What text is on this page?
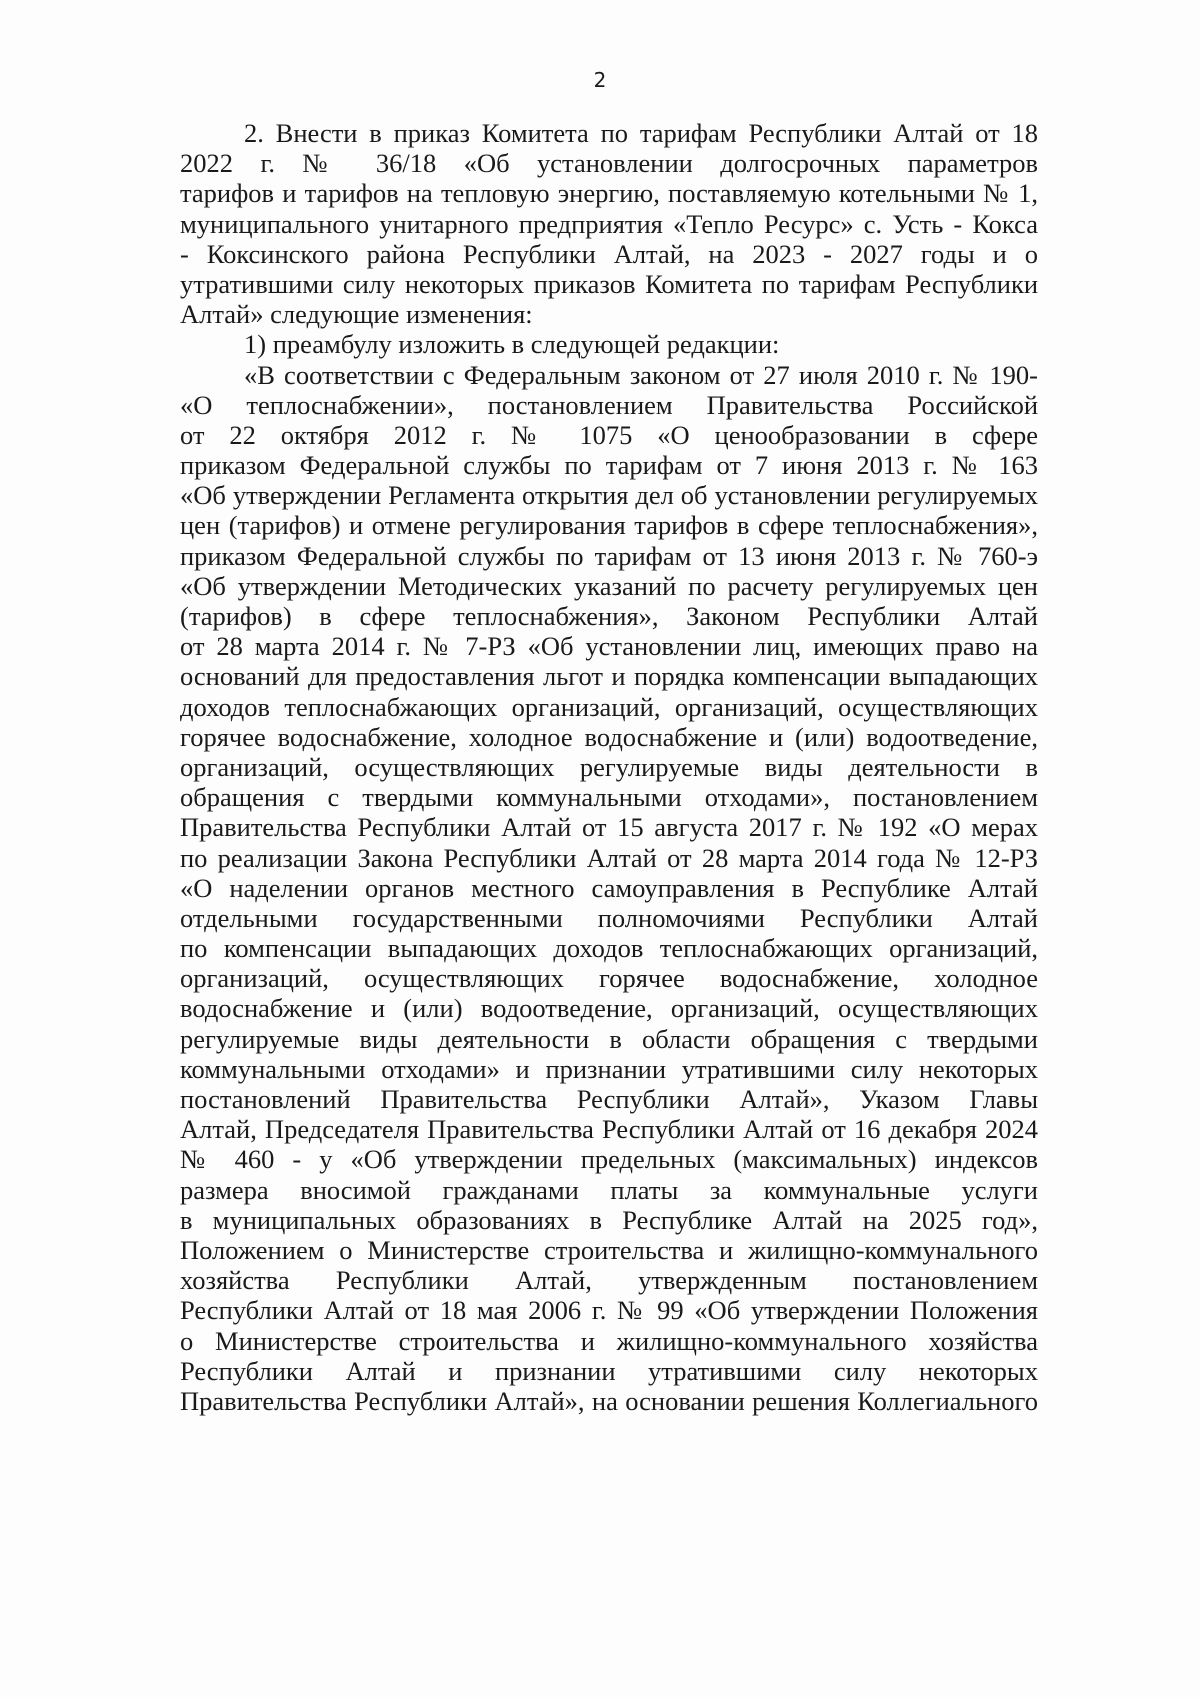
2
2. Внести в приказ Комитета по тарифам Республики Алтай от 18
2022 г. № 36/18 «Об установлении долгосрочных параметров
тарифов и тарифов на тепловую энергию, поставляемую котельными № 1,
муниципального унитарного предприятия «Тепло Ресурс» с. Усть - Кокса
- Коксинского района Республики Алтай, на 2023 - 2027 годы и о
утратившими силу некоторых приказов Комитета по тарифам Республики
Алтай» следующие изменения:
1) преамбулу изложить в следующей редакции:
«В соответствии с Федеральным законом от 27 июля 2010 г. № 190-
«О теплоснабжении», постановлением Правительства Российской
от 22 октября 2012 г. № 1075 «О ценообразовании в сфере
приказом Федеральной службы по тарифам от 7 июня 2013 г. № 163
«Об утверждении Регламента открытия дел об установлении регулируемых
цен (тарифов) и отмене регулирования тарифов в сфере теплоснабжения»,
приказом Федеральной службы по тарифам от 13 июня 2013 г. № 760-э
«Об утверждении Методических указаний по расчету регулируемых цен
(тарифов) в сфере теплоснабжения», Законом Республики Алтай
от 28 марта 2014 г. № 7-РЗ «Об установлении лиц, имеющих право на
оснований для предоставления льгот и порядка компенсации выпадающих
доходов теплоснабжающих организаций, организаций, осуществляющих
горячее водоснабжение, холодное водоснабжение и (или) водоотведение,
организаций, осуществляющих регулируемые виды деятельности в
обращения с твердыми коммунальными отходами», постановлением
Правительства Республики Алтай от 15 августа 2017 г. № 192 «О мерах
по реализации Закона Республики Алтай от 28 марта 2014 года № 12-РЗ
«О наделении органов местного самоуправления в Республике Алтай
отдельными государственными полномочиями Республики Алтай
по компенсации выпадающих доходов теплоснабжающих организаций,
организаций, осуществляющих горячее водоснабжение, холодное
водоснабжение и (или) водоотведение, организаций, осуществляющих
регулируемые виды деятельности в области обращения с твердыми
коммунальными отходами» и признании утратившими силу некоторых
постановлений Правительства Республики Алтай», Указом Главы
Алтай, Председателя Правительства Республики Алтай от 16 декабря 2024
№ 460 - у «Об утверждении предельных (максимальных) индексов
размера вносимой гражданами платы за коммунальные услуги
в муниципальных образованиях в Республике Алтай на 2025 год»,
Положением о Министерстве строительства и жилищно-коммунального
хозяйства Республики Алтай, утвержденным постановлением
Республики Алтай от 18 мая 2006 г. № 99 «Об утверждении Положения
о Министерстве строительства и жилищно-коммунального хозяйства
Республики Алтай и признании утратившими силу некоторых
Правительства Республики Алтай», на основании решения Коллегиального
